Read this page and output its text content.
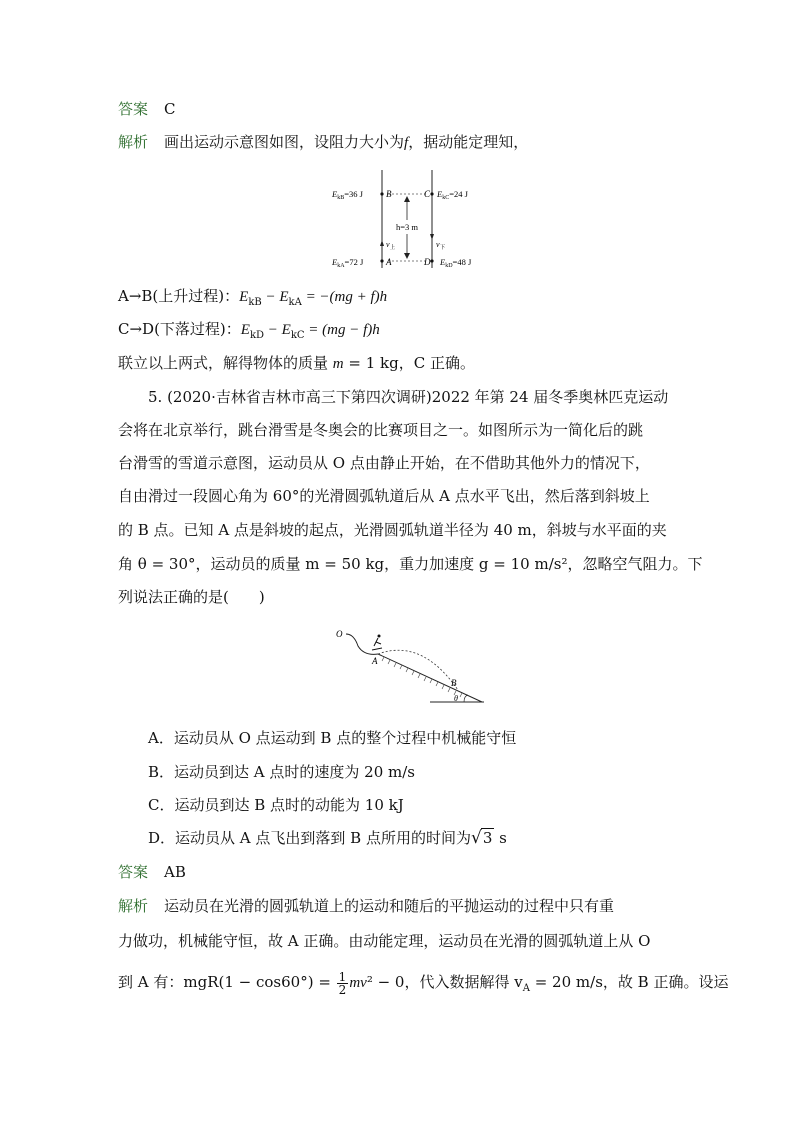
答案 C
解析 画出运动示意图如图，设阻力大小为f，据动能定理知，
$E_{kB}=36$ J	B	C $E_{kC}=24$ J
h=3 m
$v_上$	$v_下$
$E_{kA}=72$ J	A	D $E_{kD}=48$ J
A→B(上升过程)：$E_{kB} - E_{kA} = -(mg + f)h$
C→D(下落过程)：$E_{kD} - E_{kC} = (mg - f)h$
联立以上两式，解得物体的质量 m = 1 kg，C 正确。
5. (2020·吉林省吉林市高三下第四次调研)2022 年第 24 届冬季奥林匹克运动
会将在北京举行，跳台滑雪是冬奥会的比赛项目之一。如图所示为一简化后的跳
台滑雪的雪道示意图，运动员从 O 点由静止开始，在不借助其他外力的情况下，
自由滑过一段圆心角为 60°的光滑圆弧轨道后从 A 点水平飞出，然后落到斜坡上
的 B 点。已知 A 点是斜坡的起点，光滑圆弧轨道半径为 40 m，斜坡与水平面的夹
角 θ = 30°，运动员的质量 m = 50 kg，重力加速度 g = 10 m/s²，忽略空气阻力。下
列说法正确的是(　　)
O
A
B
θ
A．运动员从 O 点运动到 B 点的整个过程中机械能守恒
B．运动员到达 A 点时的速度为 20 m/s
C．运动员到达 B 点时的动能为 10 kJ
D．运动员从 A 点飞出到落到 B 点所用的时间为√3 s
答案 AB
解析 运动员在光滑的圆弧轨道上的运动和随后的平抛运动的过程中只有重
力做功，机械能守恒，故 A 正确。由动能定理，运动员在光滑的圆弧轨道上从 O
到 A 有：$mgR(1 - \cos 60^\circ) = \frac{1}{2} mv^2 - 0$，代入数据解得 $v_A = 20$ m/s，故 B 正确。设运
